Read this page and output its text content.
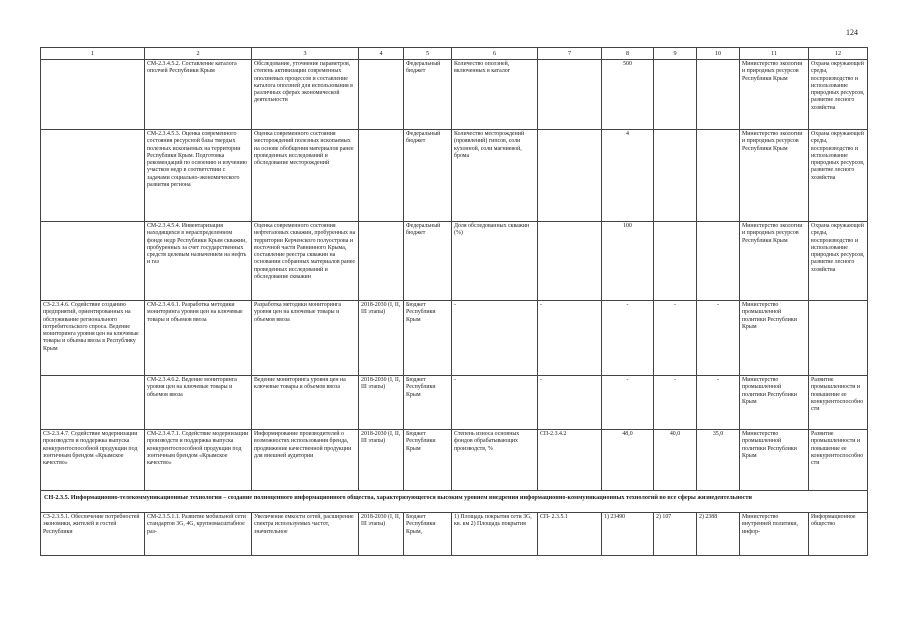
124
1	2	3	4	5	6	7	8	9	10	11	12
	СМ-2.3.4.5.2. Составление каталога ополчей Республики Крым	Обследование, уточнение параметров, степень активизации современных оползневых процессов и составление каталога оползней для использования в различных сферах экономической деятельности		Федеральный бюджет	Количество оползней, включенных в каталог		500			Министерство экологии и природных ресурсов Республики Крым	Охрана окружающей среды, воспроизводство и использование природных ресурсов, развитие лесного хозяйства
	СМ-2.3.4.5.3. Оценка современного состояния ресурсной базы твердых полезных ископаемых на территории Республики Крым. Подготовка рекомендаций по освоению и изучению участков недр в соответствии с задачами социально-экономического развития региона	Оценка современного состояния месторождений полезных ископаемых на основе обобщения материалов ранее проведенных исследований и обследование месторождений		Федеральный бюджет	Количество месторождений (проявлений) гипсов, соли кухонной, соли магниевой, брома		4			Министерство экологии и природных ресурсов Республики Крым	Охрана окружающей среды, воспроизводство и использование природных ресурсов, развитие лесного хозяйства
	СМ-2.3.4.5.4. Инвентаризация находящихся в нераспределенном фонде недр Республики Крым скважин, пробуренных за счет государственных средств целевым назначением на нефть и газ	Оценка современного состояния нефтегазовых скважин, пробуренных на территории Керченского полуострова и восточной части Равнинного Крыма, составление реестра скважин на основании собранных материалов ранее проведенных исследований и обследование скважин		Федеральный бюджет	Доля обследованных скважин (%)		100			Министерство экологии и природных ресурсов Республики Крым	Охрана окружающей среды, воспроизводство и использование природных ресурсов, развитие лесного хозяйства
СЗ-2.3.4.6. Содействие созданию предприятий, ориентированных на обслуживание регионального потребительского спроса. Ведение мониторинга уровня цен на ключевые товары и объемы ввоза в Республику Крым	СМ-2.3.4.6.1. Разработка методики мониторинга уровня цен на ключевые товары и объемов ввоза	Разработка методики мониторинга уровня цен на ключевые товары и объемов ввоза	2018-2030 (I, II, III этапы)	Бюджет Республики Крым	-	-	-	-	-	Министерство промышленной политики Республики Крым	
	СМ-2.3.4.6.2. Ведение мониторинга уровня цен на ключевые товары и объемов ввоза	Ведение мониторинга уровня цен на ключевые товары и объемов ввоза	2018-2030 (I, II, III этапы)	Бюджет Республики Крым	-	-	-	-	-	Министерство промышленной политики Республики Крым	Развитие промышленности и повышение ее конкурентоспособности
СЗ-2.3.4.7. Содействие модернизации производств и поддержка выпуска конкурентоспособной продукции под зонтичным брендом «Крымское качество»	СМ-2.3.4.7.1. Содействие модернизации производств и поддержка выпуска конкурентоспособной продукции под зонтичным брендом «Крымское качество»	Информирование производителей о возможностях использования бренда, продвижение качественной продукции для внешней аудитории	2018-2030 (I, II, III этапы)	Бюджет Республики Крым	Степень износа основных фондов обрабатывающих производств, %	СП-2.3.4.2	48,0	40,0	35,0	Министерство промышленной политики Республики Крым	Развитие промышленности и повышение ее конкурентоспособности
СН-2.3.5. Информационно-телекоммуникационные технологии – создание полноценного информационного общества, характеризующегося высоким уровнем внедрения информационно-коммуникационных технологий во все сферы жизнедеятельности											
СЗ-2.3.5.1. Обеспечение потребностей экономики, жителей и гостей Республики	СМ-2.3.5.1.1. Развитие мобильной сети стандартов 3G, 4G, крупномасштабное раз-	Увеличение емкости сетей, расширение спектра используемых частот, значительное	2018-2030 (I, II, III этапы)	Бюджет Республики Крым,	1) Площадь покрытия сети 3G, кв. км 2) Площадь покрытия	СП- 2.3.5.1	1) 23490	2) 107	2) 2388	Министерство внутренней политики, инфор-	Информационное общество
